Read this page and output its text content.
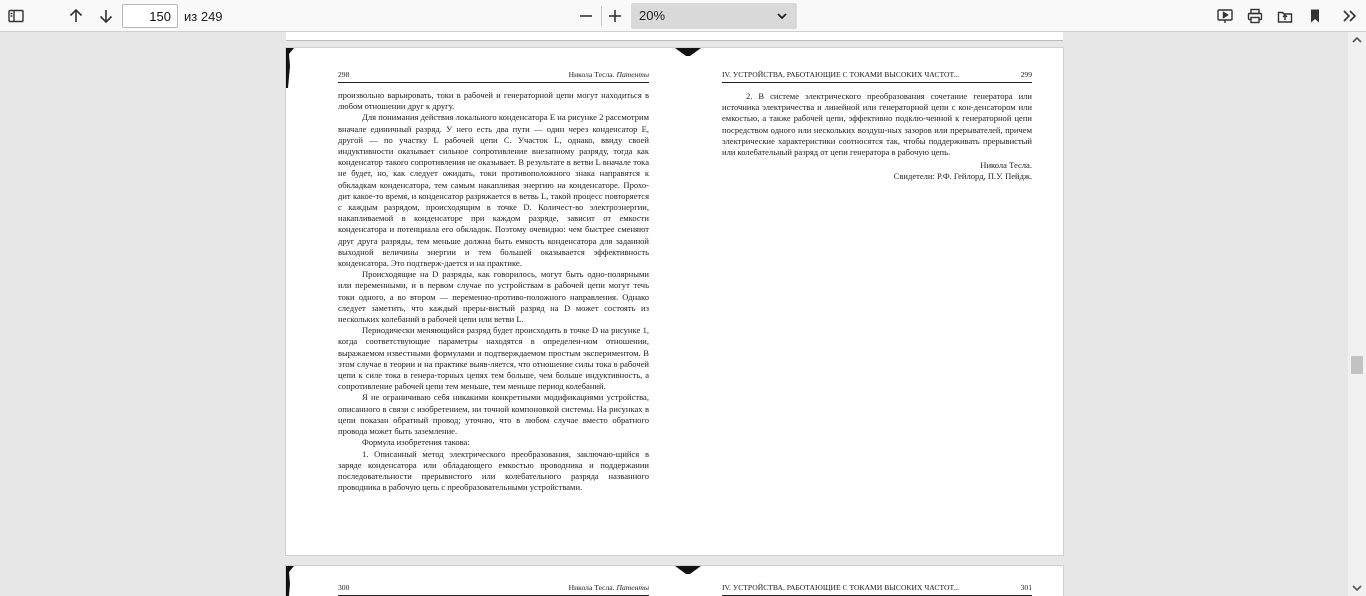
150
из 249	20%
298	Никола Тесла. Патенты

произвольно варьировать, токи в рабочей и генераторной цепи могут находиться в любом отношении друг к другу.

Для понимания действия локального конденсатора E на рисунке 2 рассмотрим вначале единичный разряд. У него есть два пути — один через конденсатор E, другой — по участку L рабочей цепи C. Участок L, однако, ввиду своей индуктивности оказывает сильное сопротивление внезапному разряду, тогда как конденсатор такого сопротивления не оказывает. В результате в ветви L вначале тока не будет, но, как следует ожидать, токи противоположного знака направятся к обкладкам конденсатора, тем самым накапливая энергию на конденсаторе. Прохо-дит какое-то время, и конденсатор разряжается в ветвь L, такой процесс повторяется с каждым разрядом, происходящим в точке D. Количест-во электроэнергии, накапливаемой в конденсаторе при каждом разряде, зависит от емкости конденсатора и потенциала его обкладок. Поэтому очевидно: чем быстрее сменяют друг друга разряды, тем меньше должна быть емкость конденсатора для заданной выходной величины энергии и тем большей оказывается эффективность конденсатора. Это подтверж-дается и на практике.

Происходящие на D разряды, как говорилось, могут быть одно-полярными или переменными, и в первом случае по устройствам в рабочей цепи могут течь токи одного, а во втором — переменно-противо-положного направления. Однако следует заметить, что каждый преры-вистый разряд на D может состоять из нескольких колебаний в рабочей цепи или ветви L.

Периодически меняющийся разряд будет происходить в точке D на рисунке 1, когда соответствующие параметры находятся в определен-ном отношении, выражаемом известными формулами и подтверждаемом простым экспериментом. В этом случае в теории и на практике выяв-ляется, что отношение силы тока в рабочей цепи к силе тока в генера-торных цепях тем больше, чем больше индуктивность, а сопротивление рабочей цепи тем меньше, тем меньше период колебаний.

Я не ограничиваю себя никакими конкретными модификациями устройства, описанного в связи с изобретением, ни точной компоновкой системы. На рисунках в цепи показан обратный провод; уточню, что в любом случае вместо обратного провода может быть заземление.

Формула изобретения такова:

1. Описанный метод электрического преобразования, заключаю-щийся в заряде конденсатора или обладающего емкостью проводника и поддержании последовательности прерывистого или колебательного разряда названного проводника в рабочую цепь с преобразовательными устройствами.

IV. УСТРОЙСТВА, РАБОТАЮЩИЕ С ТОКАМИ ВЫСОКИХ ЧАСТОТ...	299

2. В системе электрического преобразования сочетание генератора или источника электричества и линейной или генераторной цепи с кон-денсатором или емкостью, а также рабочей цепи, эффективно подклю-ченной к генераторной цепи посредством одного или нескольких воздуш-ных зазоров или прерывателей, причем электрические характеристики соотносятся так, чтобы поддерживать прерывистый или колебательный разряд от цепи генератора в рабочую цепь.

Никола Тесла.

Свидетели: Р.Ф. Гейлорд, П.У. Пейдж.

300	Никола Тесла. Патенты	IV. УСТРОЙСТВА, РАБОТАЮЩИЕ С ТОКАМИ ВЫСОКИХ ЧАСТОТ...	301
